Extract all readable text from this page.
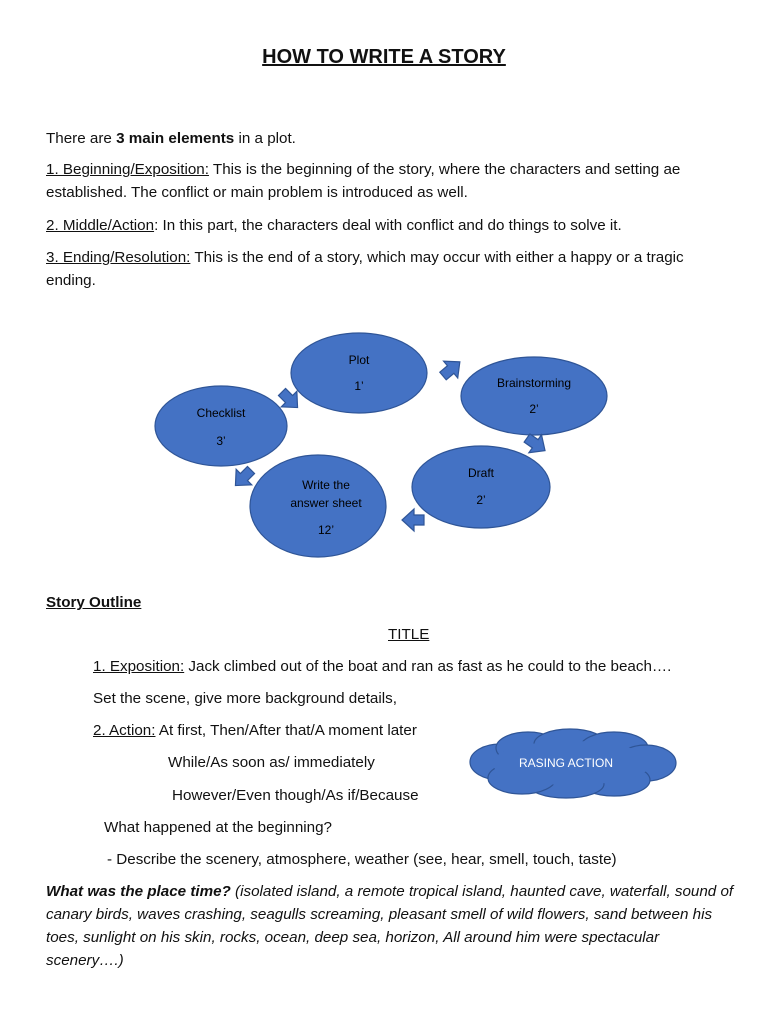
HOW TO WRITE A STORY
There are 3 main elements in a plot.
1. Beginning/Exposition: This is the beginning of the story, where the characters and setting ae established. The conflict or main problem is introduced as well.
2. Middle/Action: In this part, the characters deal with conflict and do things to solve it.
3. Ending/Resolution: This is the end of a story, which may occur with either a happy or a tragic ending.
Plot
1’	Brainstorming
2’
Draft
2’
Write the
answer sheet
12’
Checklist
3’
Story Outline
TITLE
1. Exposition: Jack climbed out of the boat and ran as fast as he could to the beach….
Set the scene, give more background details,
2. Action: At first, Then/After that/A moment later
While/As soon as/ immediately
However/Even though/As if/Because
What happened at the beginning?
- Describe the scenery, atmosphere, weather (see, hear, smell, touch, taste)
RASING ACTION
What was the place time? (isolated island, a remote tropical island, haunted cave, waterfall, sound of canary birds, waves crashing, seagulls screaming, pleasant smell of wild flowers, sand between his toes, sunlight on his skin, rocks, ocean, deep sea, horizon, All around him were spectacular scenery….)
